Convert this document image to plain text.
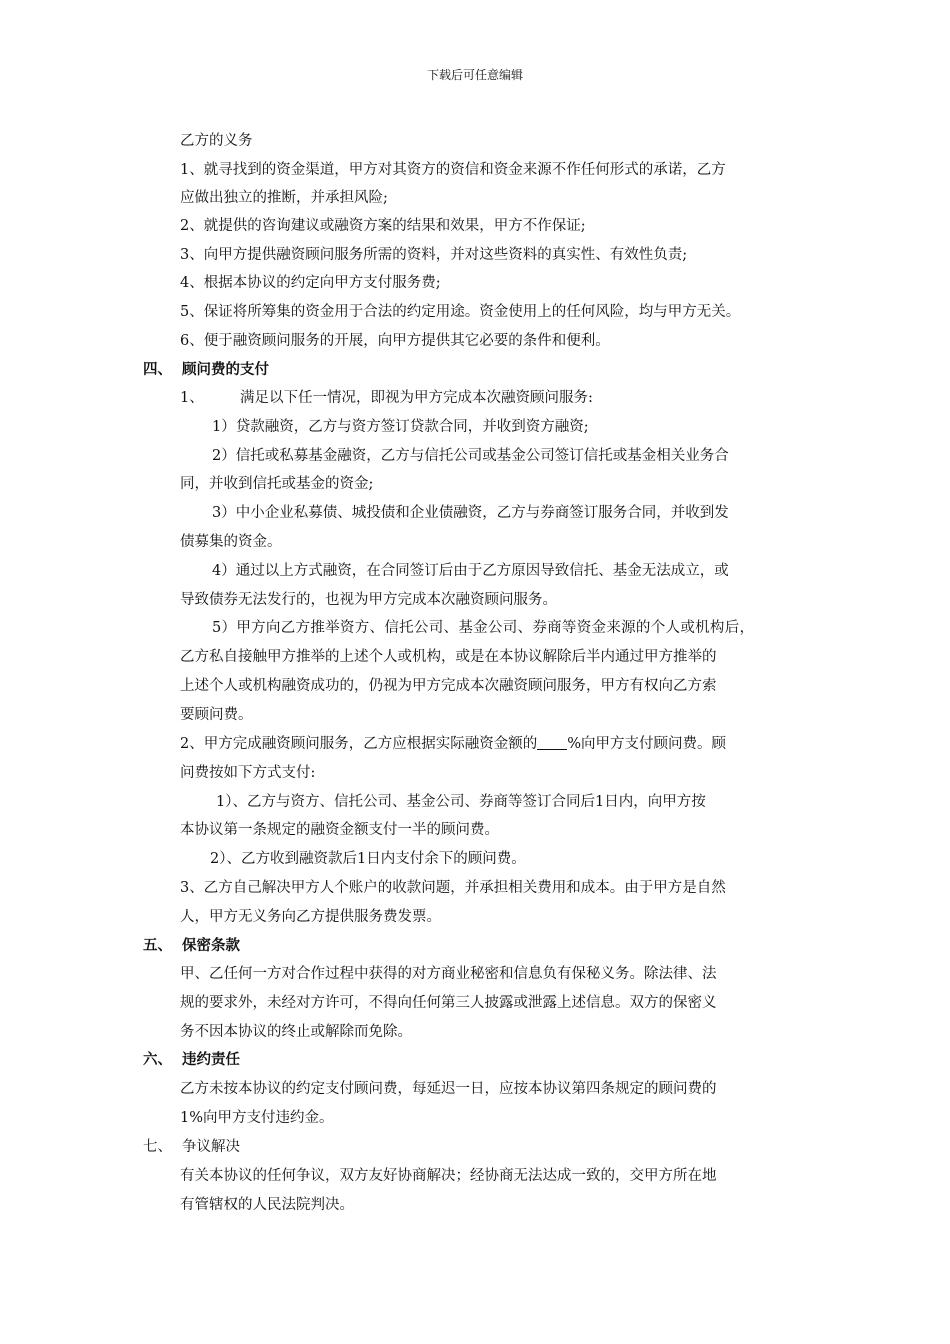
下载后可任意编辑
乙方的义务
1、就寻找到的资金渠道，甲方对其资方的资信和资金来源不作任何形式的承诺，乙方
应做出独立的推断，并承担风险;
2、就提供的咨询建议或融资方案的结果和效果，甲方不作保证;
3、向甲方提供融资顾问服务所需的资料，并对这些资料的真实性、有效性负责;
4、根据本协议的约定向甲方支付服务费;
5、保证将所筹集的资金用于合法的约定用途。资金使用上的任何风险，均与甲方无关。
6、便于融资顾问服务的开展，向甲方提供其它必要的条件和便利。
四、 顾问费的支付
1、	满足以下任一情况，即视为甲方完成本次融资顾问服务:
1）贷款融资，乙方与资方签订贷款合同，并收到资方融资;
2）信托或私募基金融资，乙方与信托公司或基金公司签订信托或基金相关业务合
同，并收到信托或基金的资金;
3）中小企业私募债、城投债和企业债融资，乙方与券商签订服务合同，并收到发
债募集的资金。
4）通过以上方式融资，在合同签订后由于乙方原因导致信托、基金无法成立，或
导致债券无法发行的，也视为甲方完成本次融资顾问服务。
5）甲方向乙方推举资方、信托公司、基金公司、券商等资金来源的个人或机构后，
乙方私自接触甲方推举的上述个人或机构，或是在本协议解除后半内通过甲方推举的
上述个人或机构融资成功的，仍视为甲方完成本次融资顾问服务，甲方有权向乙方索
要顾问费。
2、甲方完成融资顾问服务，乙方应根据实际融资金额的 %向甲方支付顾问费。顾
问费按如下方式支付:
1）、乙方与资方、信托公司、基金公司、券商等签订合同后1日内，向甲方按
本协议第一条规定的融资金额支付一半的顾问费。
2）、乙方收到融资款后1日内支付余下的顾问费。
3、乙方自己解决甲方人个账户的收款问题，并承担相关费用和成本。由于甲方是自然
人，甲方无义务向乙方提供服务费发票。
五、 保密条款
甲、乙任何一方对合作过程中获得的对方商业秘密和信息负有保秘义务。除法律、法
规的要求外，未经对方许可，不得向任何第三人披露或泄露上述信息。双方的保密义
务不因本协议的终止或解除而免除。
六、 违约责任
乙方未按本协议的约定支付顾问费，每延迟一日，应按本协议第四条规定的顾问费的
1%向甲方支付违约金。
七、 争议解决
有关本协议的任何争议，双方友好协商解决；经协商无法达成一致的，交甲方所在地
有管辖权的人民法院判决。
